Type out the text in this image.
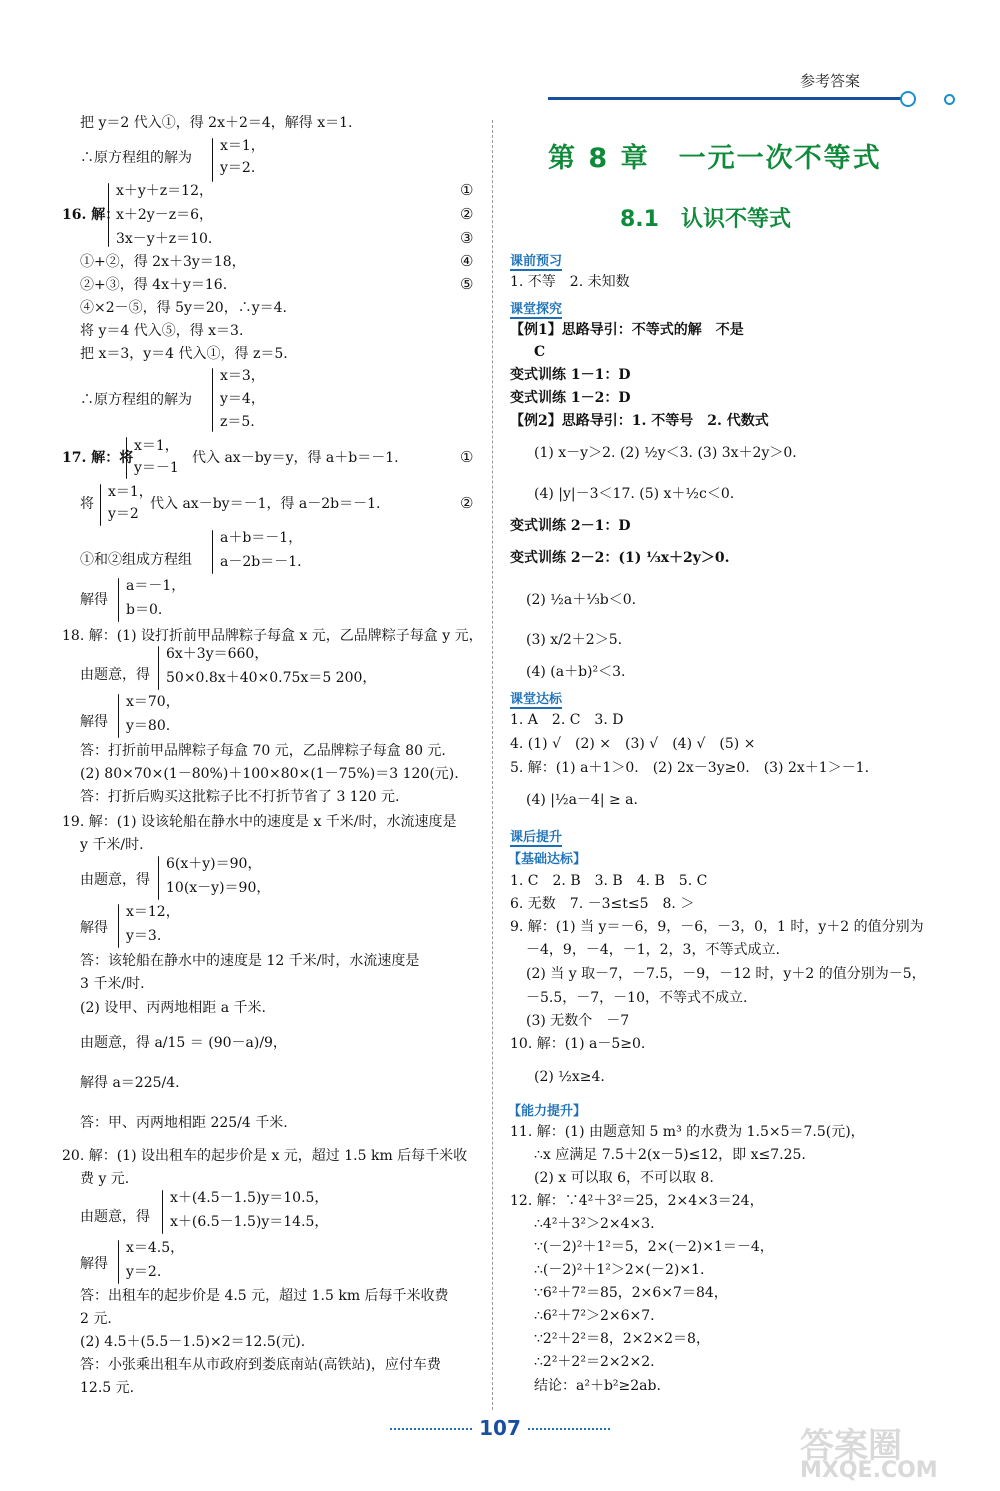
参考答案
把 y＝2 代入①，得 2x＋2＝4，解得 x＝1.
∴原方程组的解为
x＝1，
y＝2.
16. 解：
x＋y＋z＝12，
x＋2y－z＝6，
3x－y＋z＝10.
①
②
③
①+②，得 2x＋3y＝18，	④
②+③，得 4x＋y＝16.	⑤
④×2－⑤，得 5y＝20，∴y＝4.
将 y＝4 代入⑤，得 x＝3.
把 x＝3，y＝4 代入①，得 z＝5.
∴原方程组的解为
x＝3，
y＝4，
z＝5.
17. 解：将
x＝1，
y＝－1
代入 ax－by＝y，得 a＋b＝－1.	①
将
x＝1，
y＝2
代入 ax－by＝－1，得 a－2b＝－1.	②
①和②组成方程组
a＋b＝－1，
a－2b＝－1.
解得
a＝－1，
b＝0.
18. 解：(1) 设打折前甲品牌粽子每盒 x 元，乙品牌粽子每盒 y 元，
由题意，得
6x＋3y＝660，
50×0.8x＋40×0.75x＝5 200，
解得
x＝70，
y＝80.
答：打折前甲品牌粽子每盒 70 元，乙品牌粽子每盒 80 元.
(2) 80×70×(1－80%)＋100×80×(1－75%)＝3 120(元).
答：打折后购买这批粽子比不打折节省了 3 120 元.
19. 解：(1) 设该轮船在静水中的速度是 x 千米/时，水流速度是
y 千米/时.
由题意，得
6(x＋y)＝90，
10(x－y)＝90，
解得
x＝12，
y＝3.
答：该轮船在静水中的速度是 12 千米/时，水流速度是
3 千米/时.
(2) 设甲、丙两地相距 a 千米.
由题意，得 a/15 ＝ (90－a)/9，
解得 a＝225/4.
答：甲、丙两地相距 225/4 千米.
20. 解：(1) 设出租车的起步价是 x 元，超过 1.5 km 后每千米收
费 y 元.
由题意，得
x＋(4.5－1.5)y＝10.5，
x＋(6.5－1.5)y＝14.5，
解得
x＝4.5，
y＝2.
答：出租车的起步价是 4.5 元，超过 1.5 km 后每千米收费
2 元.
(2) 4.5＋(5.5－1.5)×2＝12.5(元).
答：小张乘出租车从市政府到娄底南站(高铁站)，应付车费
12.5 元.
第 8 章　一元一次不等式
8.1　认识不等式
课前预习
1. 不等　2. 未知数
课堂探究
【例1】思路导引：不等式的解　不是
C
变式训练 1－1：D
变式训练 1－2：D
【例2】思路导引：1. 不等号　2. 代数式
(1) x－y＞2. (2) ½y＜3. (3) 3x＋2y＞0.
(4) |y|－3＜17. (5) x＋½c＜0.
变式训练 2－1：D
变式训练 2－2：(1) ⅓x＋2y＞0.
(2) ½a＋⅓b＜0.
(3) x/2＋2＞5.
(4) (a＋b)²＜3.
课堂达标
1. A　2. C　3. D
4. (1) √　(2) ×　(3) √　(4) √　(5) ×
5. 解：(1) a＋1＞0.　(2) 2x－3y≥0.　(3) 2x＋1＞－1.
(4) |½a－4| ≥ a.
课后提升
【基础达标】
1. C　2. B　3. B　4. B　5. C
6. 无数　7. －3≤t≤5　8. ＞
9. 解：(1) 当 y＝－6，9，－6，－3，0，1 时，y＋2 的值分别为
－4，9，－4，－1，2，3，不等式成立.
(2) 当 y 取－7，－7.5，－9，－12 时，y＋2 的值分别为－5，
－5.5，－7，－10，不等式不成立.
(3) 无数个　－7
10. 解：(1) a－5≥0.
(2) ½x≥4.
【能力提升】
11. 解：(1) 由题意知 5 m³ 的水费为 1.5×5＝7.5(元)，
∴x 应满足 7.5＋2(x－5)≤12，即 x≤7.25.
(2) x 可以取 6，不可以取 8.
12. 解：∵4²＋3²＝25，2×4×3＝24，
∴4²＋3²＞2×4×3.
∵(－2)²＋1²＝5，2×(－2)×1＝－4，
∴(－2)²＋1²＞2×(－2)×1.
∵6²＋7²＝85，2×6×7＝84，
∴6²＋7²＞2×6×7.
∵2²＋2²＝8，2×2×2＝8，
∴2²＋2²＝2×2×2.
结论：a²＋b²≥2ab.
107	答案圈
MXQE.COM
